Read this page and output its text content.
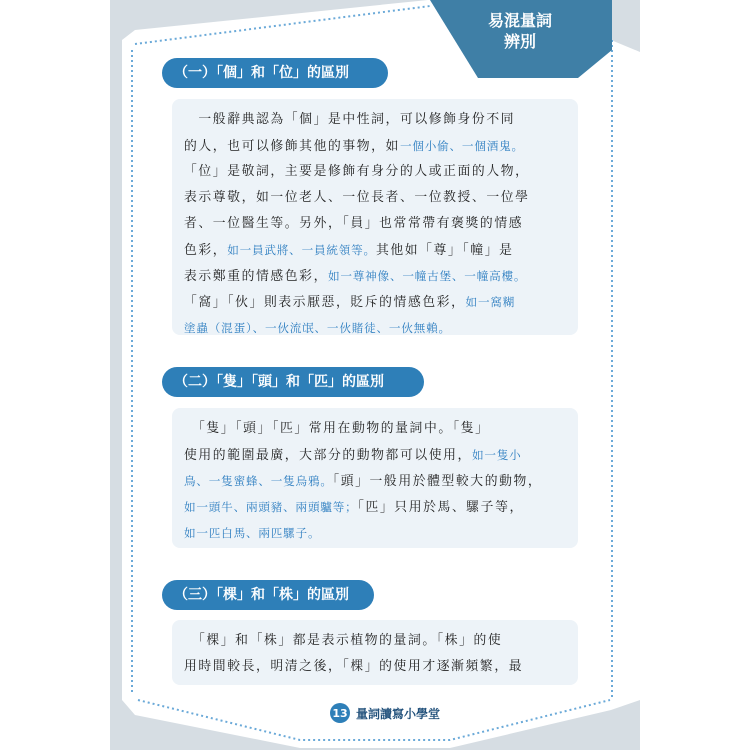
易混量詞
辨別
（一）「個」和「位」的區別
　一般辭典認為「個」是中性詞，可以修飾身份不同
的人，也可以修飾其他的事物，如一個小偷、一個酒鬼。
「位」是敬詞，主要是修飾有身分的人或正面的人物，
表示尊敬，如一位老人、一位長者、一位教授、一位學
者、一位醫生等。另外，「員」也常常帶有褒獎的情感
色彩，如一員武將、一員統領等。其他如「尊」「幢」是
表示鄭重的情感色彩，如一尊神像、一幢古堡、一幢高樓。
「窩」「伙」則表示厭惡，貶斥的情感色彩，如一窩糊
塗蟲（混蛋）、一伙流氓、一伙賭徒、一伙無賴。
（二）「隻」「頭」和「匹」的區別
　「隻」「頭」「匹」常用在動物的量詞中。「隻」
使用的範圍最廣，大部分的動物都可以使用，如一隻小
鳥、一隻蜜蜂、一隻烏鴉。「頭」一般用於體型較大的動物，
如一頭牛、兩頭豬、兩頭驢等；「匹」只用於馬、騾子等，
如一匹白馬、兩匹騾子。
（三）「棵」和「株」的區別
　「棵」和「株」都是表示植物的量詞。「株」的使
用時間較長，明清之後，「棵」的使用才逐漸頻繁，最
13 量詞讀寫小學堂
